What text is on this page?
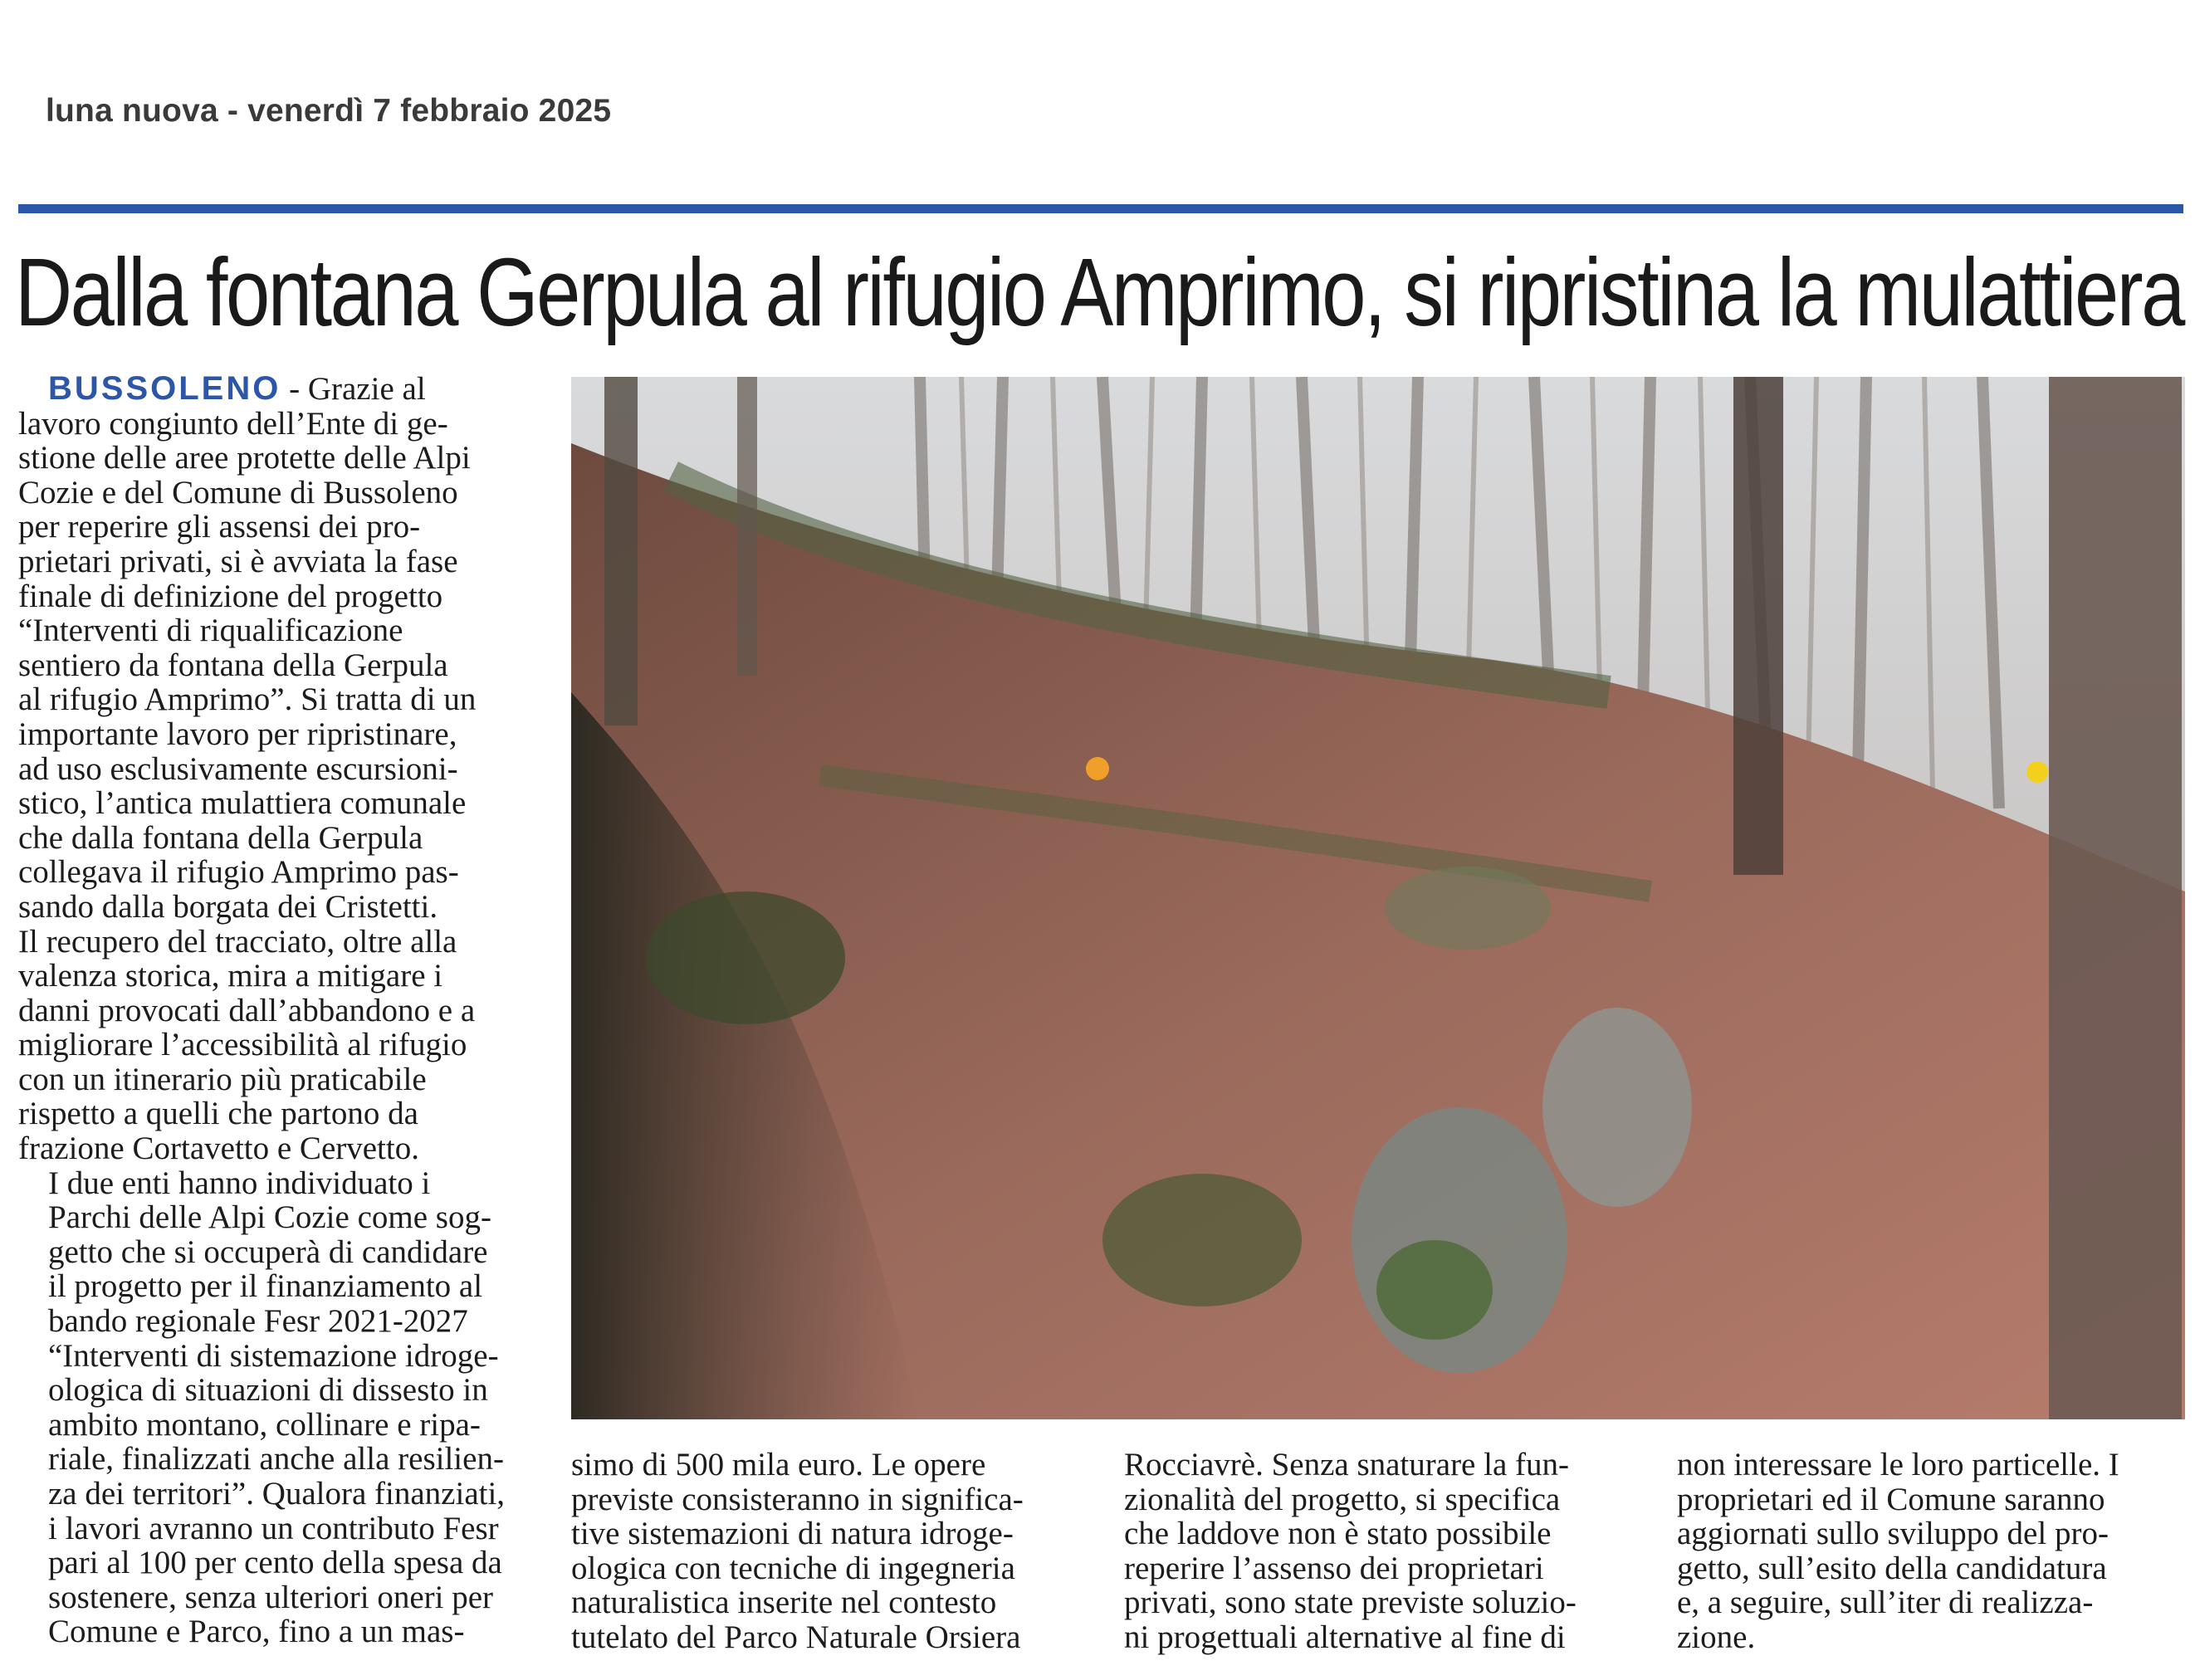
luna nuova - venerdì 7 febbraio 2025
Dalla fontana Gerpula al rifugio Amprimo, si ripristina la mulattiera

BUSSOLENO - Grazie al
lavoro congiunto dell’Ente di ge-
stione delle aree protette delle Alpi
Cozie e del Comune di Bussoleno
per reperire gli assensi dei pro-
prietari privati, si è avviata la fase
finale di definizione del progetto
“Interventi di riqualificazione
sentiero da fontana della Gerpula
al rifugio Amprimo”. Si tratta di un
importante lavoro per ripristinare,
ad uso esclusivamente escursioni-
stico, l’antica mulattiera comunale
che dalla fontana della Gerpula
collegava il rifugio Amprimo pas-
sando dalla borgata dei Cristetti.
Il recupero del tracciato, oltre alla
valenza storica, mira a mitigare i
danni provocati dall’abbandono e a
migliorare l’accessibilità al rifugio
con un itinerario più praticabile
rispetto a quelli che partono da
frazione Cortavetto e Cervetto.

I due enti hanno individuato i
Parchi delle Alpi Cozie come sog-
getto che si occuperà di candidare
il progetto per il finanziamento al
bando regionale Fesr 2021-2027
“Interventi di sistemazione idroge-
ologica di situazioni di dissesto in
ambito montano, collinare e ripa-
riale, finalizzati anche alla resilien-
za dei territori”. Qualora finanziati,
i lavori avranno un contributo Fesr
pari al 100 per cento della spesa da
sostenere, senza ulteriori oneri per
Comune e Parco, fino a un mas-

simo di 500 mila euro. Le opere
previste consisteranno in significa-
tive sistemazioni di natura idroge-
ologica con tecniche di ingegneria
naturalistica inserite nel contesto
tutelato del Parco Naturale Orsiera
Rocciavrè. Senza snaturare la fun-
zionalità del progetto, si specifica
che laddove non è stato possibile
reperire l’assenso dei proprietari
privati, sono state previste soluzio-
ni progettuali alternative al fine di
non interessare le loro particelle. I
proprietari ed il Comune saranno
aggiornati sullo sviluppo del pro-
getto, sull’esito della candidatura
e, a seguire, sull’iter di realizza-
zione.
